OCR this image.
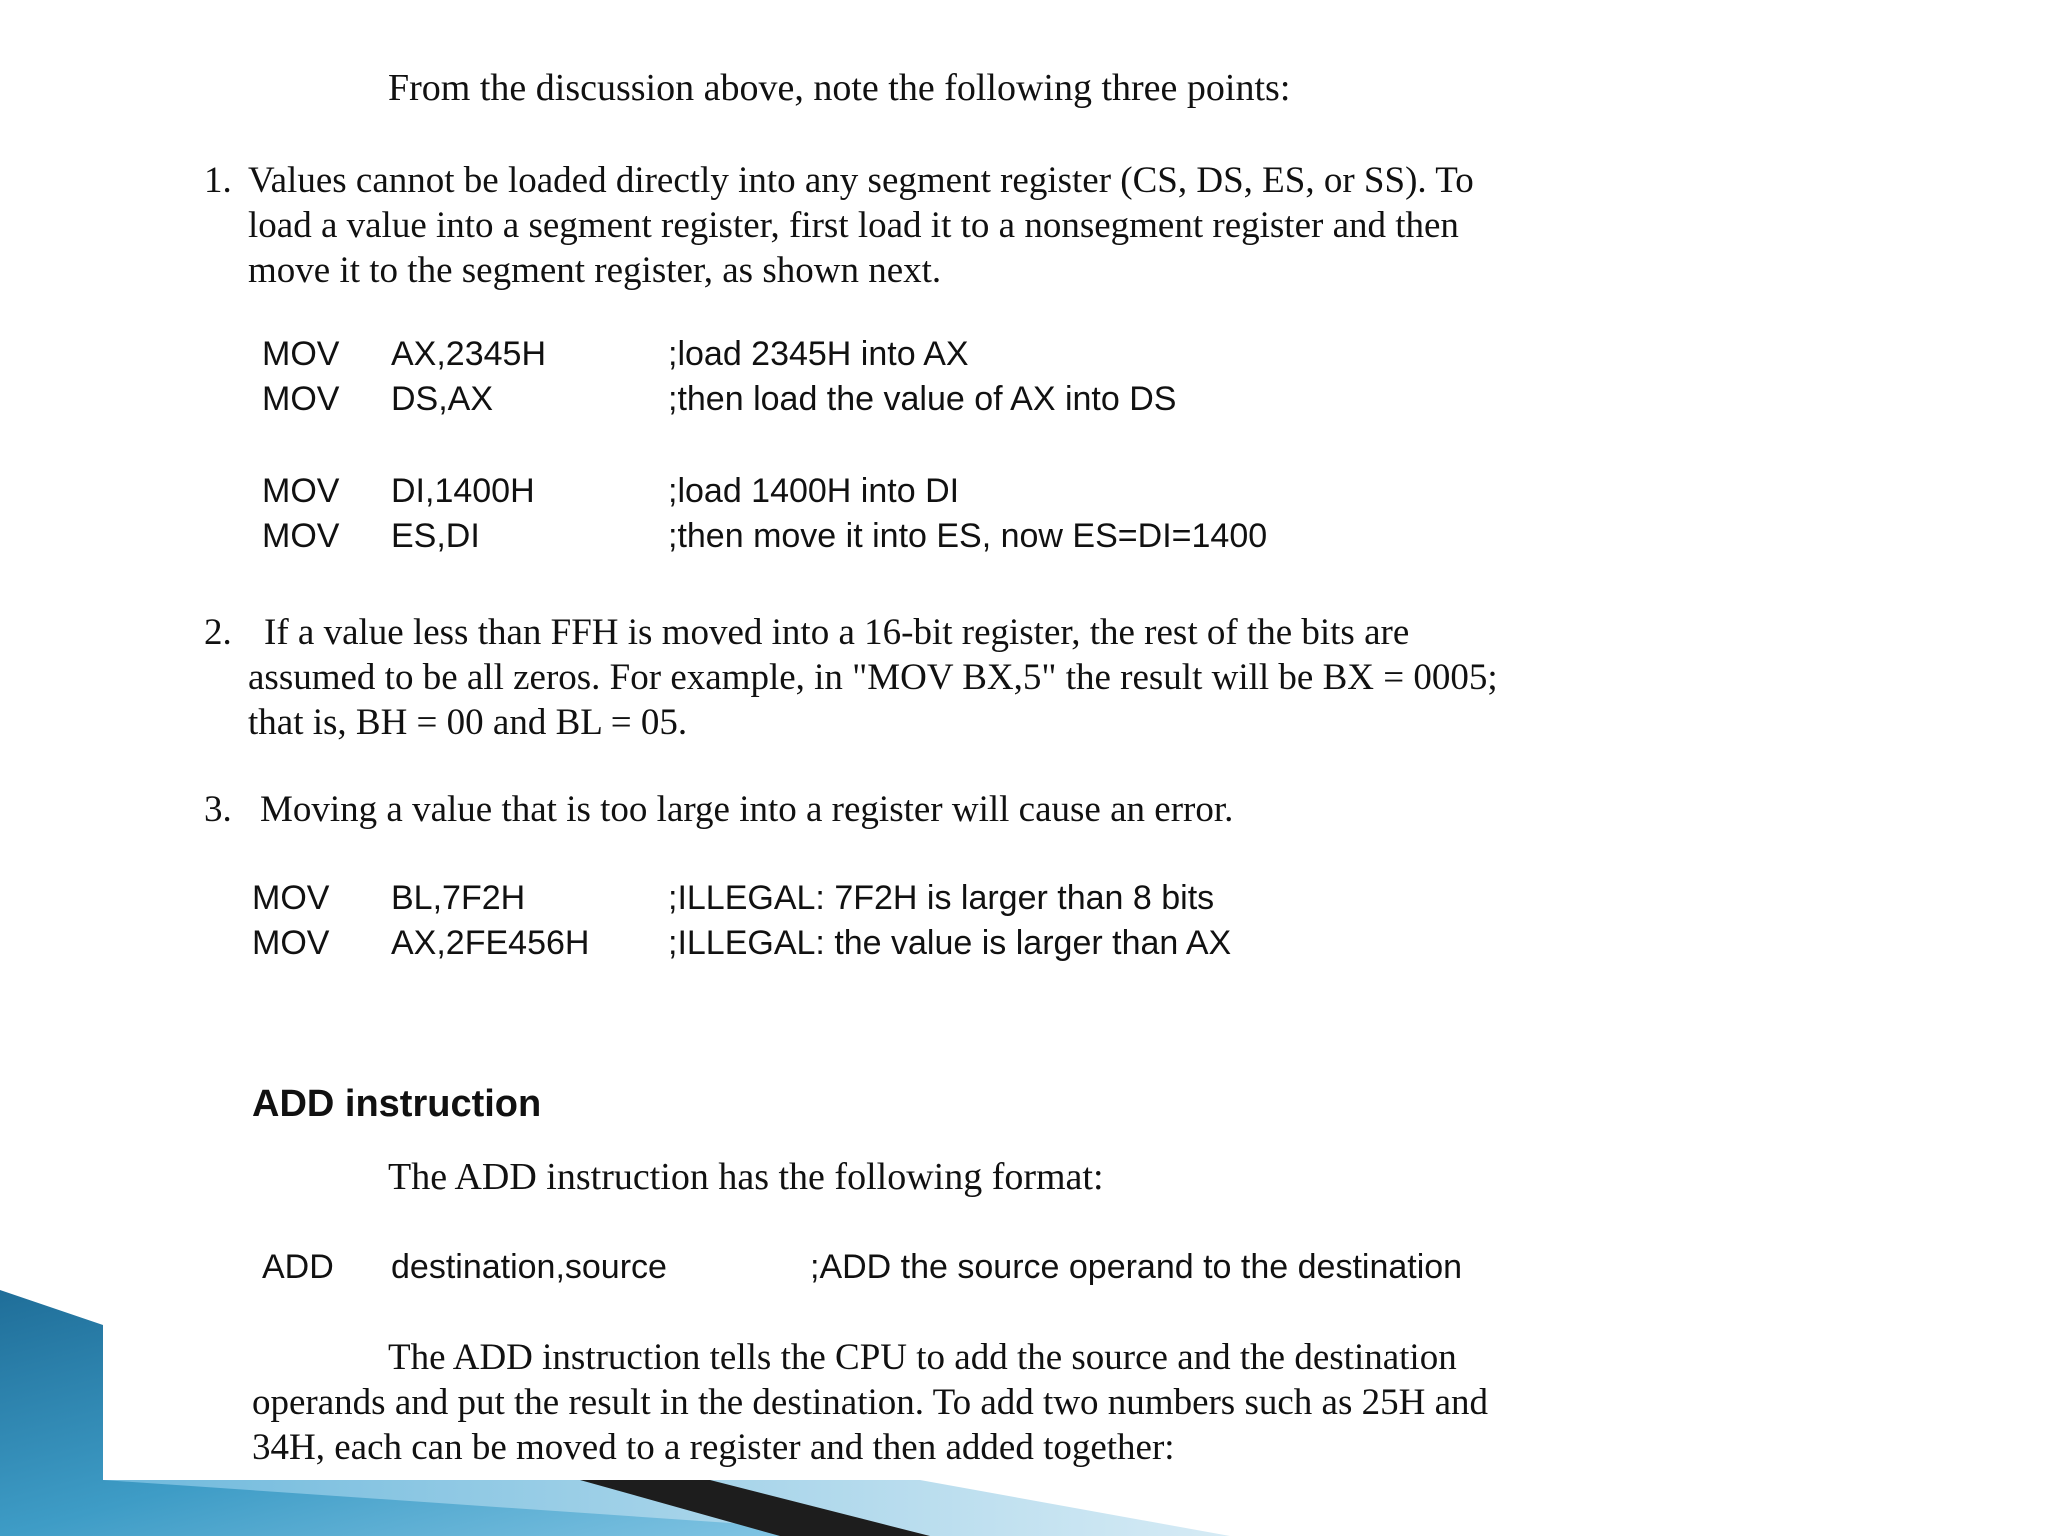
From the discussion above, note the following three points:
1. Values cannot be loaded directly into any segment register (CS, DS, ES, or SS). To
load a value into a segment register, first load it to a nonsegment register and then
move it to the segment register, as shown next.
MOV AX,2345H	;load 2345H into AX
MOV DS,AX	;then load the value of AX into DS
MOV DI,1400H	;load 1400H into DI
MOV ES,DI	;then move it into ES, now ES=DI=1400
2. If a value less than FFH is moved into a 16-bit register, the rest of the bits are
assumed to be all zeros. For example, in "MOV BX,5" the result will be BX = 0005;
that is, BH = 00 and BL = 05.
3. Moving a value that is too large into a register will cause an error.
MOV BL,7F2H	;ILLEGAL: 7F2H is larger than 8 bits
MOV AX,2FE456H ;ILLEGAL: the value is larger than AX
ADD instruction
The ADD instruction has the following format:
ADD destination,source	;ADD the source operand to the destination
The ADD instruction tells the CPU to add the source and the destination
operands and put the result in the destination. To add two numbers such as 25H and
34H, each can be moved to a register and then added together:
